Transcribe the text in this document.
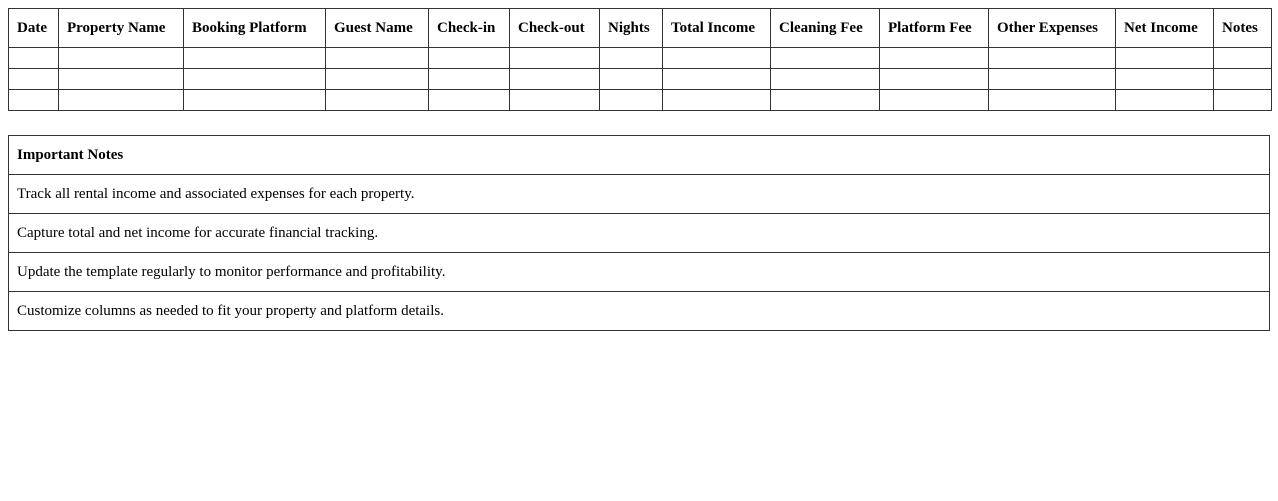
Date	Property Name	Booking Platform	Guest Name	Check-in	Check-out	Nights	Total Income	Cleaning Fee	Platform Fee	Other Expenses	Net Income	Notes

Important Notes
Track all rental income and associated expenses for each property.
Capture total and net income for accurate financial tracking.
Update the template regularly to monitor performance and profitability.
Customize columns as needed to fit your property and platform details.
